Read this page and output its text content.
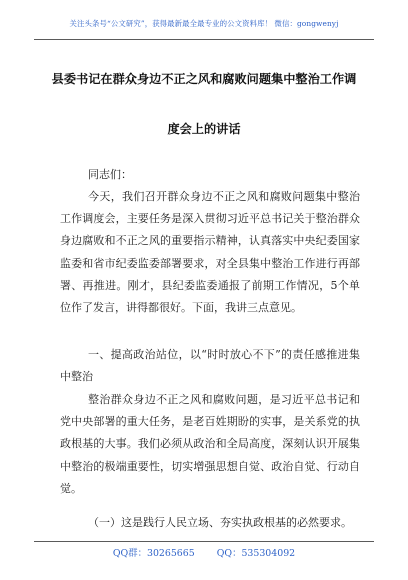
关注头条号“公文研究”，获得最新最全最专业的公文资料库！ 微信：gongwenyj
县委书记在群众身边不正之风和腐败问题集中整治工作调
度会上的讲话
同志们：
今天，我们召开群众身边不正之风和腐败问题集中整治工作调度会，主要任务是深入贯彻习近平总书记关于整治群众身边腐败和不正之风的重要指示精神，认真落实中央纪委国家监委和省市纪委监委部署要求，对全县集中整治工作进行再部署、再推进。刚才，县纪委监委通报了前期工作情况，5个单位作了发言，讲得都很好。下面，我讲三点意见。
一、提高政治站位，以“时时放心不下”的责任感推进集中整治
整治群众身边不正之风和腐败问题，是习近平总书记和党中央部署的重大任务，是老百姓期盼的实事，是关系党的执政根基的大事。我们必须从政治和全局高度，深刻认识开展集中整治的极端重要性，切实增强思想自觉、政治自觉、行动自觉。
（一）这是践行人民立场、夯实执政根基的必然要求。
QQ群：30265665 QQ：535304092
